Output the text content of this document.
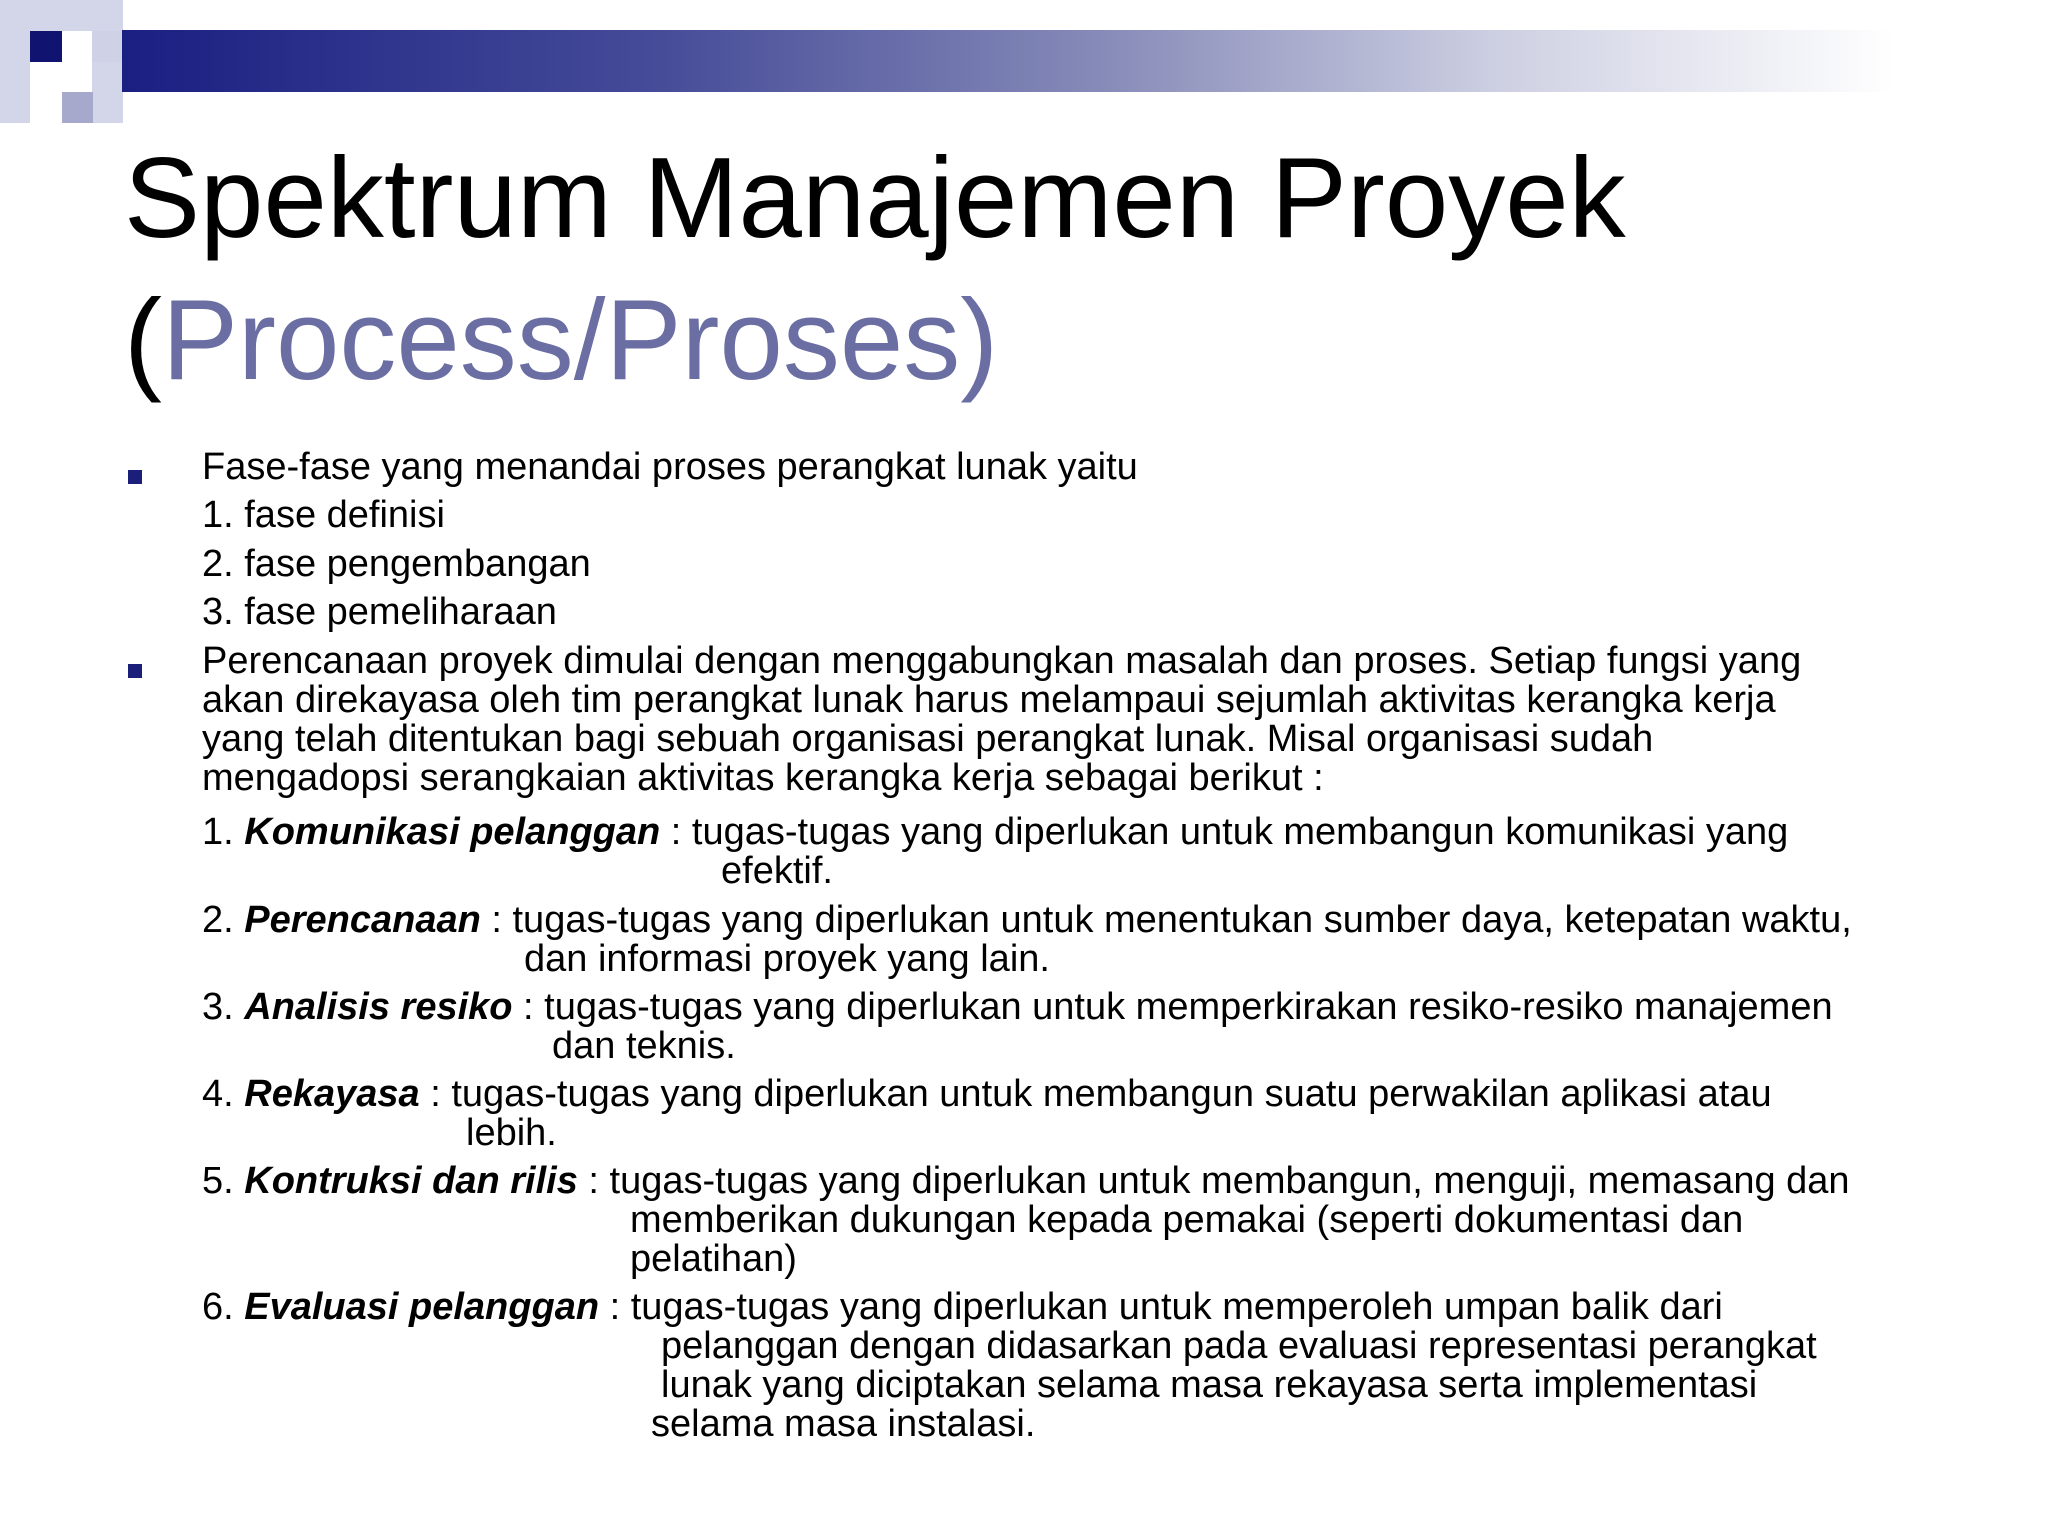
Spektrum Manajemen Proyek
(Process/Proses)
Fase-fase yang menandai proses perangkat lunak yaitu
1. fase definisi
2. fase pengembangan
3. fase pemeliharaan
Perencanaan proyek dimulai dengan menggabungkan masalah dan proses. Setiap fungsi yang
akan direkayasa oleh tim perangkat lunak harus melampaui sejumlah aktivitas kerangka kerja
yang telah ditentukan bagi sebuah organisasi perangkat lunak. Misal organisasi sudah
mengadopsi serangkaian aktivitas kerangka kerja sebagai berikut :
1. Komunikasi pelanggan : tugas-tugas yang diperlukan untuk membangun komunikasi yang
efektif.
2. Perencanaan : tugas-tugas yang diperlukan untuk menentukan sumber daya, ketepatan waktu,
dan informasi proyek yang lain.
3. Analisis resiko : tugas-tugas yang diperlukan untuk memperkirakan resiko-resiko manajemen
dan teknis.
4. Rekayasa : tugas-tugas yang diperlukan untuk membangun suatu perwakilan aplikasi atau
lebih.
5. Kontruksi dan rilis : tugas-tugas yang diperlukan untuk membangun, menguji, memasang dan
memberikan dukungan kepada pemakai (seperti dokumentasi dan
pelatihan)
6. Evaluasi pelanggan : tugas-tugas yang diperlukan untuk memperoleh umpan balik dari
pelanggan dengan didasarkan pada evaluasi representasi perangkat
lunak yang diciptakan selama masa rekayasa serta implementasi
selama masa instalasi.
